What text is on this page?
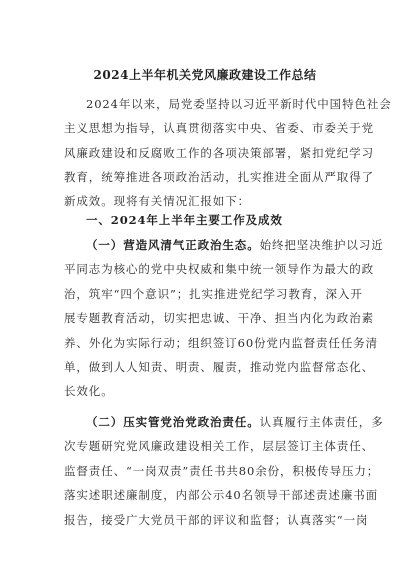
2024上半年机关党风廉政建设工作总结
2024年以来，局党委坚持以习近平新时代中国特色社会
主义思想为指导，认真贯彻落实中央、省委、市委关于党
风廉政建设和反腐败工作的各项决策部署，紧扣党纪学习
教育，统筹推进各项政治活动，扎实推进全面从严取得了
新成效。现将有关情况汇报如下：
一、2024年上半年主要工作及成效
（一）营造风清气正政治生态。始终把坚决维护以习近
平同志为核心的党中央权威和集中统一领导作为最大的政
治，筑牢“四个意识”；扎实推进党纪学习教育，深入开
展专题教育活动，切实把忠诚、干净、担当内化为政治素
养、外化为实际行动；组织签订60份党内监督责任任务清
单，做到人人知责、明责、履责，推动党内监督常态化、
长效化。
（二）压实管党治党政治责任。认真履行主体责任，多
次专题研究党风廉政建设相关工作，层层签订主体责任、
监督责任、“一岗双责”责任书共80余份，积极传导压力；
落实述职述廉制度，内部公示40名领导干部述责述廉书面
报告，接受广大党员干部的评议和监督；认真落实“一岗
